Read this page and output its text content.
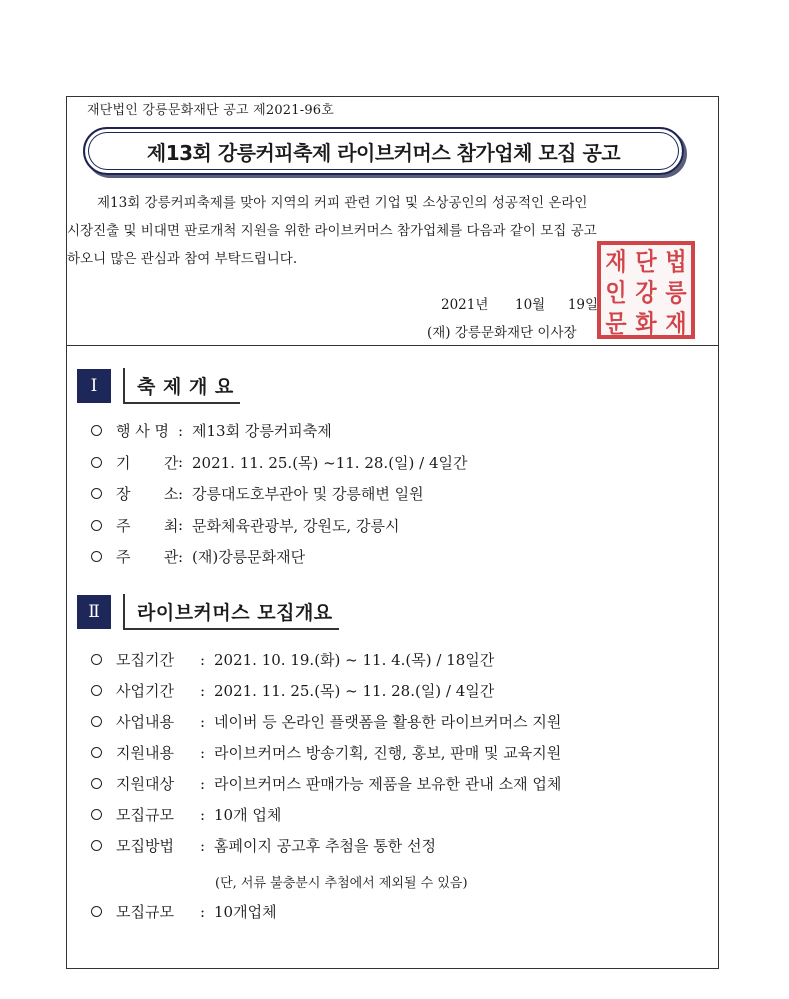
재단법인 강릉문화재단 공고 제2021-96호
제13회 강릉커피축제 라이브커머스 참가업체 모집 공고

제13회 강릉커피축제를 맞아 지역의 커피 관련 기업 및 소상공인의 성공적인 온라인

시장진출 및 비대면 판로개척 지원을 위한 라이브커머스 참가업체를 다음과 같이 모집 공고

하오니 많은 관심과 참여 부탁드립니다.	재 단 법
인 강 릉
문 화 재
2021년 10월 19일
(재) 강릉문화재단 이사장
Ⅰ	축 제 개 요
행 사 명 : 제13회 강릉커피축제
기       간 : 2021. 11. 25.(목) ~11. 28.(일) / 4일간
장       소 : 강릉대도호부관아 및 강릉해변 일원
주       최 : 문화체육관광부, 강원도, 강릉시
주       관 : (재)강릉문화재단
Ⅱ	라이브커머스 모집개요
모집기간	: 2021. 10. 19.(화) ~ 11. 4.(목) / 18일간
사업기간	: 2021. 11. 25.(목) ~ 11. 28.(일) / 4일간
사업내용	: 네이버 등 온라인 플랫폼을 활용한 라이브커머스 지원
지원내용	: 라이브커머스 방송기획, 진행, 홍보, 판매 및 교육지원
지원대상	: 라이브커머스 판매가능 제품을 보유한 관내 소재 업체
모집규모	: 10개 업체
모집방법	: 홈페이지 공고후 추첨을 통한 선정
(단, 서류 불충분시 추첨에서 제외될 수 있음)
모집규모	: 10개업체
